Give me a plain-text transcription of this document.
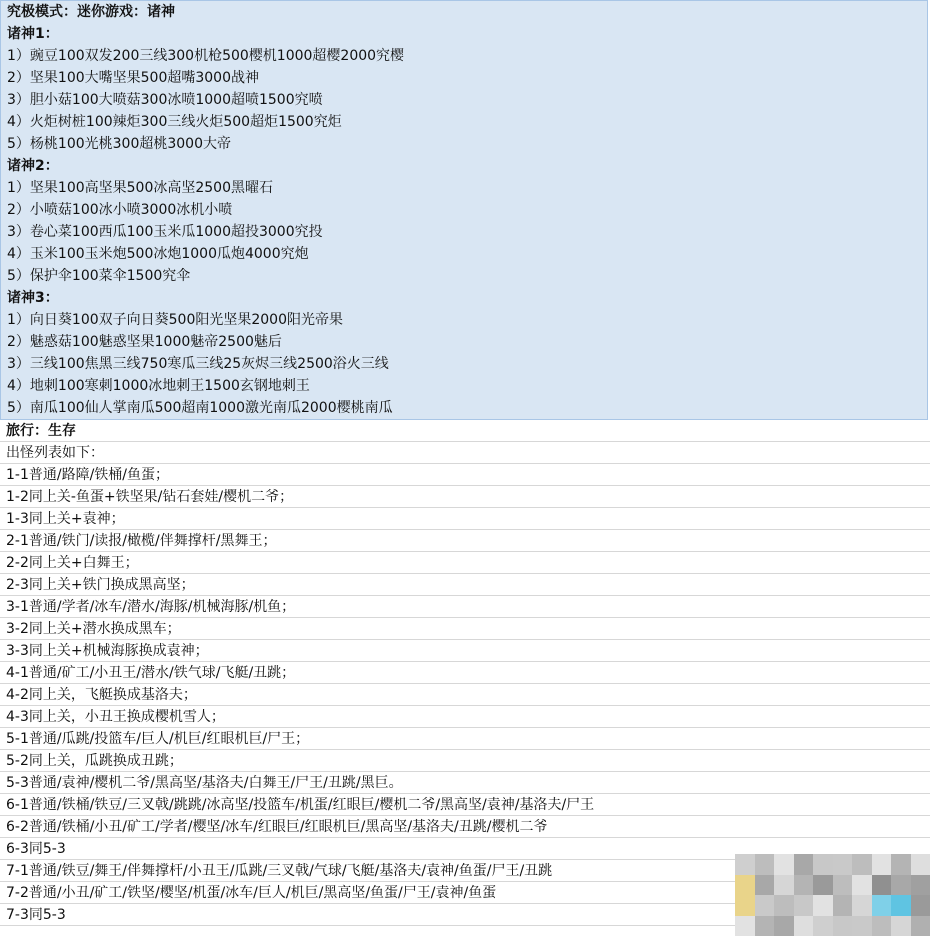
究极模式：迷你游戏：诸神
诸神1：
1）豌豆100双发200三线300机枪500樱机1000超樱2000究樱
2）坚果100大嘴坚果500超嘴3000战神
3）胆小菇100大喷菇300冰喷1000超喷1500究喷
4）火炬树桩100辣炬300三线火炬500超炬1500究炬
5）杨桃100光桃300超桃3000大帝
诸神2：
1）坚果100高坚果500冰高坚2500黑曜石
2）小喷菇100冰小喷3000冰机小喷
3）卷心菜100西瓜100玉米瓜1000超投3000究投
4）玉米100玉米炮500冰炮1000瓜炮4000究炮
5）保护伞100菜伞1500究伞
诸神3：
1）向日葵100双子向日葵500阳光坚果2000阳光帝果
2）魅惑菇100魅惑坚果1000魅帝2500魅后
3）三线100焦黑三线750寒瓜三线25灰烬三线2500浴火三线
4）地刺100寒刺1000冰地刺王1500玄钢地刺王
5）南瓜100仙人掌南瓜500超南1000激光南瓜2000樱桃南瓜
旅行：生存
出怪列表如下：
1-1普通/路障/铁桶/鱼蛋；
1-2同上关-鱼蛋+铁坚果/钻石套娃/樱机二爷；
1-3同上关+袁神；
2-1普通/铁门/读报/橄榄/伴舞撑杆/黑舞王；
2-2同上关+白舞王；
2-3同上关+铁门换成黑高坚；
3-1普通/学者/冰车/潜水/海豚/机械海豚/机鱼；
3-2同上关+潜水换成黑车；
3-3同上关+机械海豚换成袁神；
4-1普通/矿工/小丑王/潜水/铁气球/飞艇/丑跳；
4-2同上关，飞艇换成基洛夫；
4-3同上关，小丑王换成樱机雪人；
5-1普通/瓜跳/投篮车/巨人/机巨/红眼机巨/尸王；
5-2同上关，瓜跳换成丑跳；
5-3普通/袁神/樱机二爷/黑高坚/基洛夫/白舞王/尸王/丑跳/黑巨。
6-1普通/铁桶/铁豆/三叉戟/跳跳/冰高坚/投篮车/机蛋/红眼巨/樱机二爷/黑高坚/袁神/基洛夫/尸王
6-2普通/铁桶/小丑/矿工/学者/樱坚/冰车/红眼巨/红眼机巨/黑高坚/基洛夫/丑跳/樱机二爷
6-3同5-3
7-1普通/铁豆/舞王/伴舞撑杆/小丑王/瓜跳/三叉戟/气球/飞艇/基洛夫/袁神/鱼蛋/尸王/丑跳
7-2普通/小丑/矿工/铁坚/樱坚/机蛋/冰车/巨人/机巨/黑高坚/鱼蛋/尸王/袁神/鱼蛋
7-3同5-3
